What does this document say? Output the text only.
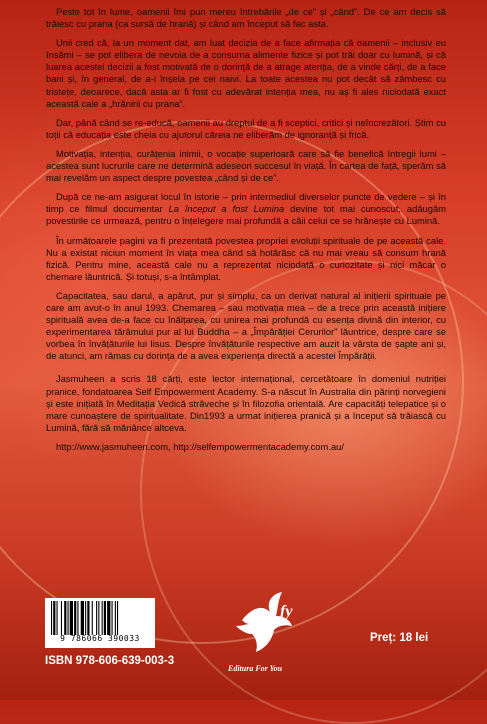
Peste tot în lume, oamenii îmi pun mereu întrebările „de ce” și „când”. De ce am decis să trăiesc cu prana (ca sursă de hrană) și când am început să fac asta.

Unii cred că, la un moment dat, am luat decizia de a face afirmația că oamenii – inclusiv eu însămi – se pot elibera de nevoia de a consuma alimente fizice și pot trăi doar cu lumină, și că luarea acestei decizii a fost motivată de o dorință de a atrage atenția, de a vinde cărți, de a face bani și, în general, de a-i înșela pe cei naivi. La toate acestea nu pot decât să zâmbesc cu tristețe, deoarece, dacă asta ar fi fost cu adevărat intenția mea, nu aș fi ales niciodată exact această cale a „hrănirii cu prana”.

Dar, până când se re-educă, oamenii au dreptul de a fi sceptici, critici și neîncrezători. Știm cu toții că educația este cheia cu ajutorul căreia ne eliberăm de ignoranță și frică.

Motivația, intenția, curățenia inimii, o vocație superioară care să fie benefică întregii lumi – acestea sunt lucrurile care ne determină adeseori succesul în viață. În cartea de față, sperăm să mai revelăm un aspect despre povestea „când și de ce”.

După ce ne-am asigurat locul în istorie – prin intermediul diverselor puncte de vedere – și în timp ce filmul documentar La început a fost Lumina devine tot mai cunoscut, adăugăm povestirile ce urmează, pentru o înțelegere mai profundă a căii celui ce se hrănește cu Lumină.

În următoarele pagini va fi prezentată povestea propriei evoluții spirituale de pe această cale. Nu a existat niciun moment în viața mea când să hotărăsc că nu mai vreau să consum hrană fizică. Pentru mine, această cale nu a reprezentat niciodată o curiozitate și nici măcar o chemare lăuntrică. Și totuși, s-a întâmplat.

Capacitatea, sau darul, a apărut, pur și simplu, ca un derivat natural al inițierii spirituale pe care am avut-o în anul 1993. Chemarea – sau motivația mea – de a trece prin această inițiere spirituală avea de-a face cu înălțarea, cu unirea mai profundă cu esența divină din interior, cu experimentarea tărâmului pur al lui Buddha – a „Împărăției Cerurilor” lăuntrice, despre care se vorbea în învățăturile lui Iisus. Despre învățăturile respective am auzit la vârsta de șapte ani și, de atunci, am rămas cu dorința de a avea experiența directă a acestei Împărății.

Jasmuheen a scris 18 cărți, este lector internațional, cercetătoare în domeniul nutriției pranice, fondatoarea Self Empowerment Academy. S-a născut în Australia din părinți norvegieni și este inițiată în Meditația Vedică străveche și în filozofia orientală. Are capacități telepatice și o mare cunoaștere de spiritualitate. Din1993 a urmat inițierea pranică și a început să trăiască cu Lumină, fără să mănânce altceva.

http://www.jasmuheen.com, http://selfempowermentacademy.com.au/

9 786066 390033
ISBN 978-606-639-003-3
fy
Editura For You
Preț: 18 lei
